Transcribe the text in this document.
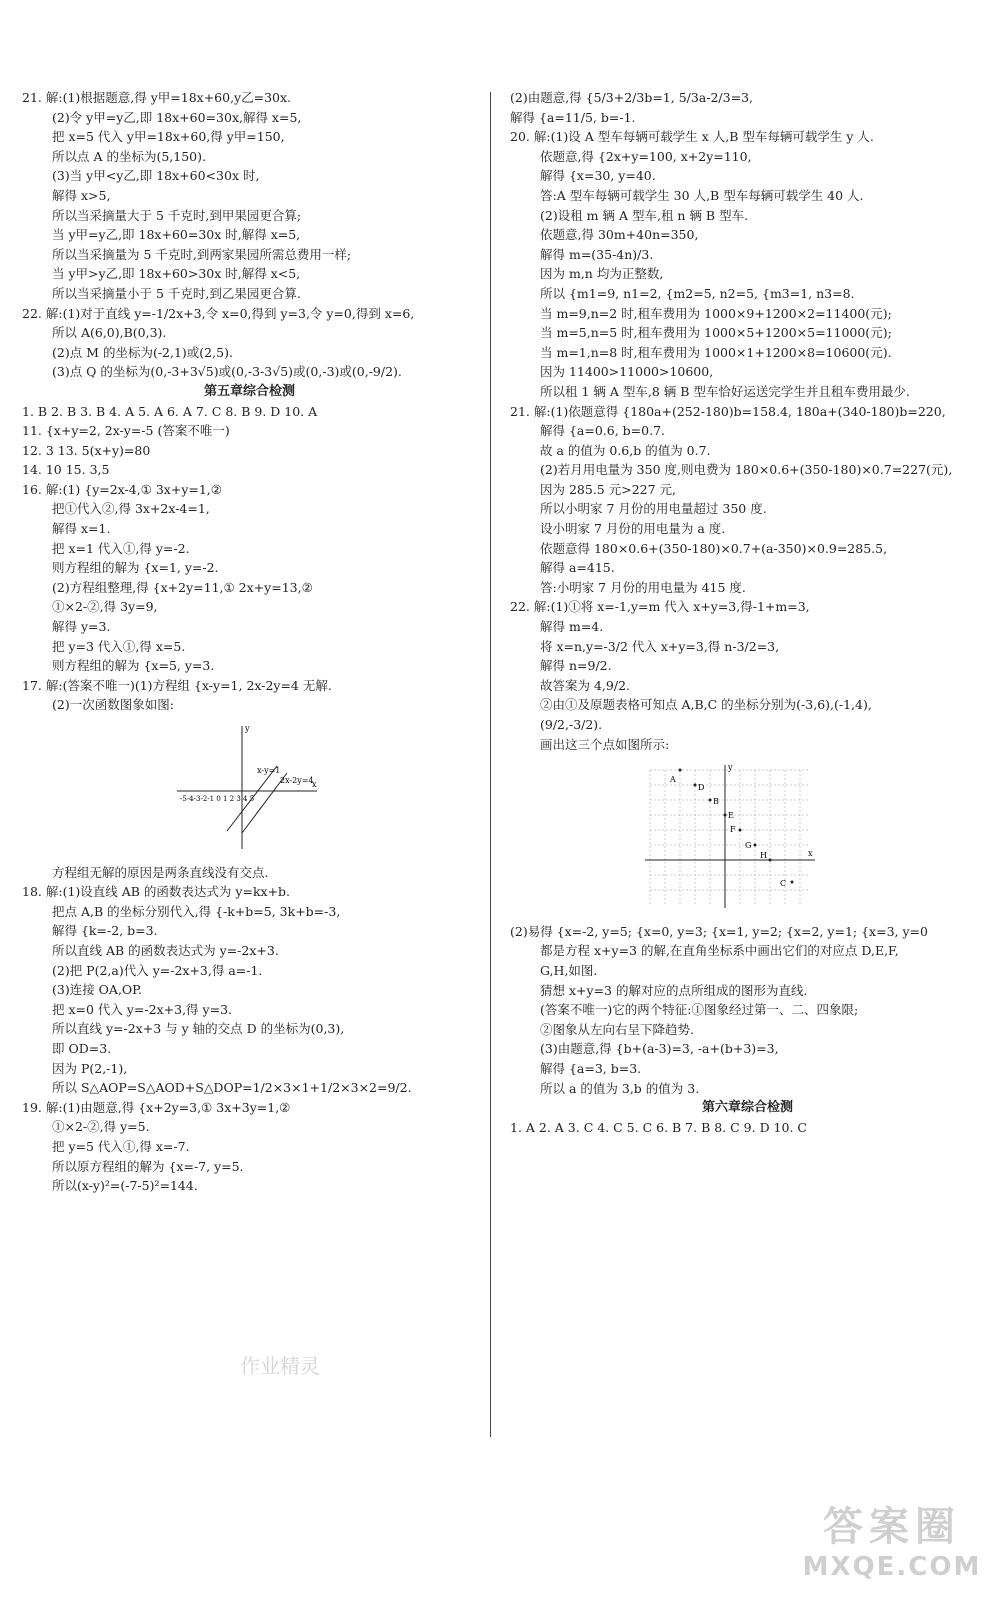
21. 解:(1)根据题意,得 y甲=18x+60,y乙=30x.
(2)令 y甲=y乙,即 18x+60=30x,解得 x=5,
把 x=5 代入 y甲=18x+60,得 y甲=150,
所以点 A 的坐标为(5,150).
(3)当 y甲<y乙,即 18x+60<30x 时,
解得 x>5,
所以当采摘量大于 5 千克时,到甲果园更合算;
当 y甲=y乙,即 18x+60=30x 时,解得 x=5,
所以当采摘量为 5 千克时,到两家果园所需总费用一样;
当 y甲>y乙,即 18x+60>30x 时,解得 x<5,
所以当采摘量小于 5 千克时,到乙果园更合算.
22. 解:(1)对于直线 y=-1/2x+3,令 x=0,得到 y=3,令 y=0,得到 x=6,
所以 A(6,0),B(0,3).
(2)点 M 的坐标为(-2,1)或(2,5).
(3)点 Q 的坐标为(0,-3+3√5)或(0,-3-3√5)或(0,-3)或(0,-9/2).
第五章综合检测
1. B 2. B 3. B 4. A 5. A 6. A 7. C 8. B 9. D 10. A
11. {x+y=2, 2x-y=-5 (答案不唯一)
12. 3 13. 5(x+y)=80
14. 10 15. 3,5
16. 解:(1) {y=2x-4,① 3x+y=1,②
把①代入②,得 3x+2x-4=1,
解得 x=1.
把 x=1 代入①,得 y=-2.
则方程组的解为 {x=1, y=-2.
(2)方程组整理,得 {x+2y=11,① 2x+y=13,②
①×2-②,得 3y=9,
解得 y=3.
把 y=3 代入①,得 x=5.
则方程组的解为 {x=5, y=3.
17. 解:(答案不唯一)(1)方程组 {x-y=1, 2x-2y=4 无解.
(2)一次函数图象如图:
x-y=1
2x-2y=4
x
y
-5-4-3-2-1 0 1 2 3 4 5
方程组无解的原因是两条直线没有交点.
18. 解:(1)设直线 AB 的函数表达式为 y=kx+b.
把点 A,B 的坐标分别代入,得 {-k+b=5, 3k+b=-3,
解得 {k=-2, b=3.
所以直线 AB 的函数表达式为 y=-2x+3.
(2)把 P(2,a)代入 y=-2x+3,得 a=-1.
(3)连接 OA,OP.
把 x=0 代入 y=-2x+3,得 y=3.
所以直线 y=-2x+3 与 y 轴的交点 D 的坐标为(0,3),
即 OD=3.
因为 P(2,-1),
所以 S△AOP=S△AOD+S△DOP=1/2×3×1+1/2×3×2=9/2.
19. 解:(1)由题意,得 {x+2y=3,① 3x+3y=1,②
①×2-②,得 y=5.
把 y=5 代入①,得 x=-7.
所以原方程组的解为 {x=-7, y=5.
所以(x-y)²=(-7-5)²=144.
(2)由题意,得 {5/3+2/3b=1, 5/3a-2/3=3,
解得 {a=11/5, b=-1.
20. 解:(1)设 A 型车每辆可载学生 x 人,B 型车每辆可载学生 y 人.
依题意,得 {2x+y=100, x+2y=110,
解得 {x=30, y=40.
答:A 型车每辆可载学生 30 人,B 型车每辆可载学生 40 人.
(2)设租 m 辆 A 型车,租 n 辆 B 型车.
依题意,得 30m+40n=350,
解得 m=(35-4n)/3.
因为 m,n 均为正整数,
所以 {m1=9, n1=2, {m2=5, n2=5, {m3=1, n3=8.
当 m=9,n=2 时,租车费用为 1000×9+1200×2=11400(元);
当 m=5,n=5 时,租车费用为 1000×5+1200×5=11000(元);
当 m=1,n=8 时,租车费用为 1000×1+1200×8=10600(元).
因为 11400>11000>10600,
所以租 1 辆 A 型车,8 辆 B 型车恰好运送完学生并且租车费用最少.
21. 解:(1)依题意得 {180a+(252-180)b=158.4, 180a+(340-180)b=220,
解得 {a=0.6, b=0.7.
故 a 的值为 0.6,b 的值为 0.7.
(2)若月用电量为 350 度,则电费为 180×0.6+(350-180)×0.7=227(元),
因为 285.5 元>227 元,
所以小明家 7 月份的用电量超过 350 度.
设小明家 7 月份的用电量为 a 度.
依题意得 180×0.6+(350-180)×0.7+(a-350)×0.9=285.5,
解得 a=415.
答:小明家 7 月份的用电量为 415 度.
22. 解:(1)①将 x=-1,y=m 代入 x+y=3,得-1+m=3,
解得 m=4.
将 x=n,y=-3/2 代入 x+y=3,得 n-3/2=3,
解得 n=9/2.
故答案为 4,9/2.
②由①及原题表格可知点 A,B,C 的坐标分别为(-3,6),(-1,4),
(9/2,-3/2).
画出这三个点如图所示:
x
y
A
D
E
F
G
H
B
C
(2)易得 {x=-2, y=5; {x=0, y=3; {x=1, y=2; {x=2, y=1; {x=3, y=0
都是方程 x+y=3 的解,在直角坐标系中画出它们的对应点 D,E,F,
G,H,如图.
猜想 x+y=3 的解对应的点所组成的图形为直线.
(答案不唯一)它的两个特征:①图象经过第一、二、四象限;
②图象从左向右呈下降趋势.
(3)由题意,得 {b+(a-3)=3, -a+(b+3)=3,
解得 {a=3, b=3.
所以 a 的值为 3,b 的值为 3.
第六章综合检测
1. A 2. A 3. C 4. C 5. C 6. B 7. B 8. C 9. D 10. C
作业精灵
答案圈
MXQE.COM
